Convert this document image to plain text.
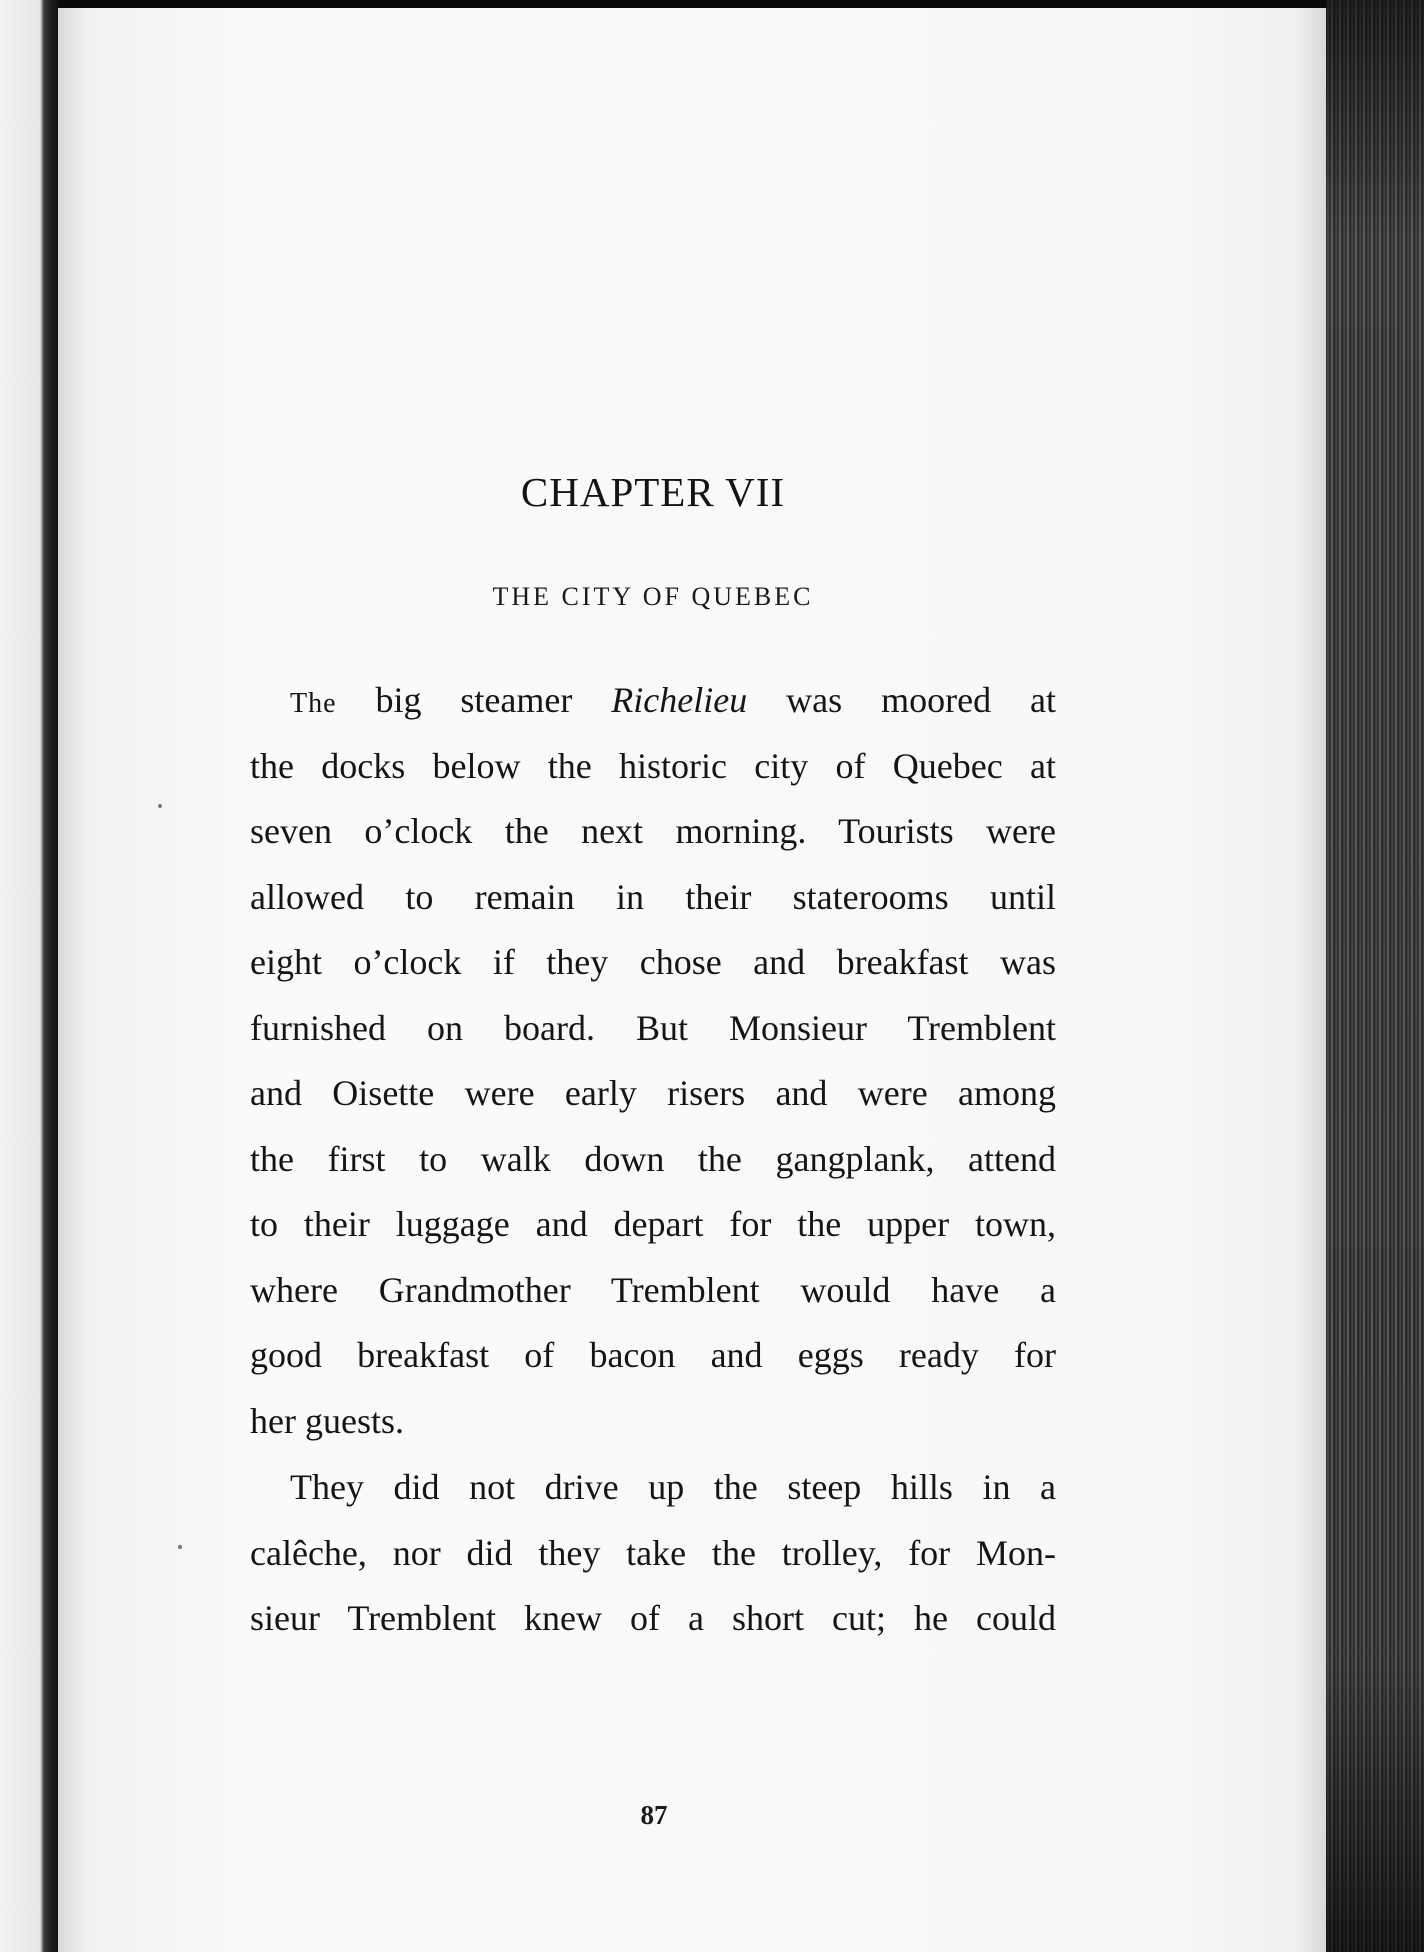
CHAPTER VII
THE CITY OF QUEBEC
The big steamer Richelieu was moored at
the docks below the historic city of Quebec at
seven o’clock the next morning. Tourists were
allowed to remain in their staterooms until
eight o’clock if they chose and breakfast was
furnished on board. But Monsieur Tremblent
and Oisette were early risers and were among
the first to walk down the gangplank, attend
to their luggage and depart for the upper town,
where Grandmother Tremblent would have a
good breakfast of bacon and eggs ready for
her guests.
They did not drive up the steep hills in a
calêche, nor did they take the trolley, for Mon-
sieur Tremblent knew of a short cut; he could
87
